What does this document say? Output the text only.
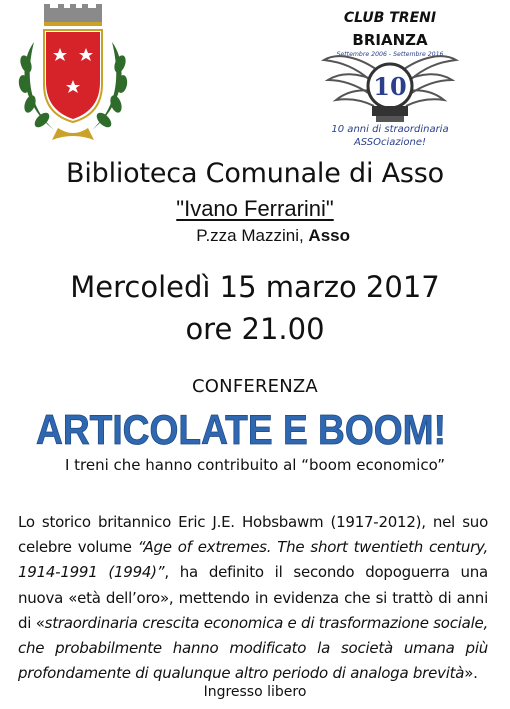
10
CLUB TRENI
BRIANZA
Settembre 2006 - Settembre 2016
10 anni di straordinaria
ASSOciazione!
Biblioteca Comunale di Asso
"Ivano Ferrarini"
P.zza Mazzini, Asso
Mercoledì 15 marzo 2017
ore 21.00
CONFERENZA
ARTICOLATE E BOOM!
I treni che hanno contribuito al “boom economico”
Lo storico britannico Eric J.E. Hobsbawm (1917-2012), nel suo celebre volume “Age of extremes. The short twentieth century, 1914-1991 (1994)”, ha definito il secondo dopoguerra una nuova «età dell’oro», mettendo in evidenza che si trattò di anni di «straordinaria crescita economica e di trasformazione sociale, che probabilmente hanno modificato la società umana più profondamente di qualunque altro periodo di analoga brevità».
Ingresso libero
